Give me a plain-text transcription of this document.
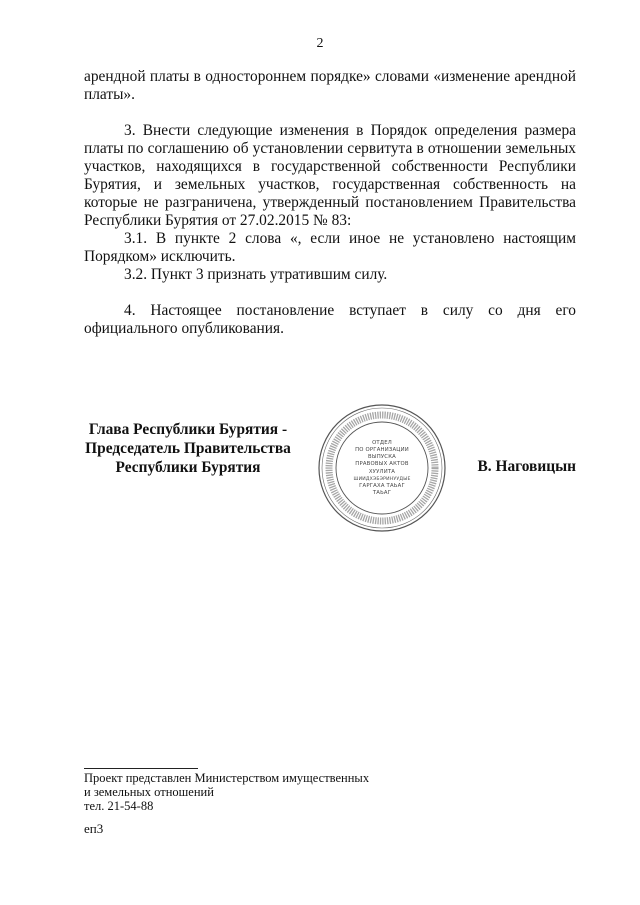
2

арендной платы в одностороннем порядке» словами «изменение арендной платы».

3. Внести следующие изменения в Порядок определения размера платы по соглашению об установлении сервитута в отношении земельных участков, находящихся в государственной собственности Республики Бурятия, и земельных участков, государственная собственность на которые не разграничена, утвержденный постановлением Правительства Республики Бурятия от 27.02.2015 № 83:

3.1. В пункте 2 слова «, если иное не установлено настоящим Порядком» исключить.

3.2. Пункт 3 признать утратившим силу.

4. Настоящее постановление вступает в силу со дня его официального опубликования.

Глава Республики Бурятия -
Председатель Правительства
Республики Бурятия
ОТДЕЛ
ПО ОРГАНИЗАЦИИ
ВЫПУСКА
ПРАВОВЫХ АКТОВ
ХУУЛИТА
ШИИДХЭБЭРИНУУДЫЕ
ГАРГАХА ТАЬАГ
ТАЬАГ
В. Наговицын
Проект представлен Министерством имущественных
и земельных отношений
тел. 21-54-88
еп3
